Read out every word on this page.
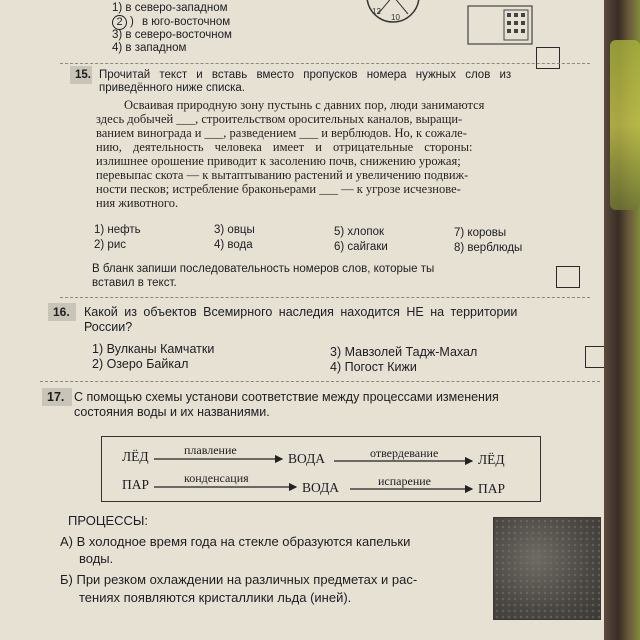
1) в северо-западном
2 ) в юго-восточном
3) в северо-восточном
4) в западном
12
10
15. Прочитай текст и вставь вместо пропусков номера нужных слов из
приведённого ниже списка.
Осваивая природную зону пустынь с давних пор, люди занимаются
здесь добычей ___, строительством оросительных каналов, выращи-
ванием винограда и ___, разведением ___ и верблюдов. Но, к сожале-
нию, деятельность человека имеет и отрицательные стороны:
излишнее орошение приводит к засолению почв, снижению урожая;
перевыпас скота — к вытаптыванию растений и увеличению подвиж-
ности песков; истребление браконьерами ___ — к угрозе исчезнове-
ния животного.
1) нефть
2) рис
3) овцы
4) вода
5) хлопок
6) сайгаки
7) коровы
8) верблюды
В бланк запиши последовательность номеров слов, которые ты
вставил в текст.
16. Какой из объектов Всемирного наследия находится НЕ на территории
России?
1) Вулканы Камчатки
2) Озеро Байкал
3) Мавзолей Тадж-Махал
4) Погост Кижи
17. С помощью схемы установи соответствие между процессами изменения
состояния воды и их названиями.
ЛЁД	плавление
ВОДА	отвердевание	ЛЁД
ПАР	конденсация
ВОДА	испарение	ПАР
ПРОЦЕССЫ:
А) В холодное время года на стекле образуются капельки
воды.
Б) При резком охлаждении на различных предметах и рас-
тениях появляются кристаллики льда (иней).
